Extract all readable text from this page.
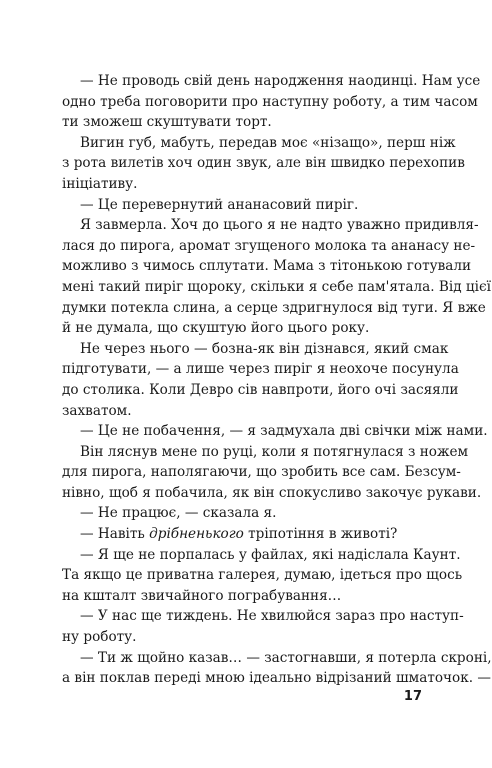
— Не проводь свій день народження наодинці. Нам усе
одно треба поговорити про наступну роботу, а тим часом
ти зможеш скуштувати торт.
Вигин губ, мабуть, передав моє «нізащо», перш ніж
з рота вилетів хоч один звук, але він швидко перехопив
ініціативу.
— Це перевернутий ананасовий пиріг.
Я завмерла. Хоч до цього я не надто уважно придивля-
лася до пирога, аромат згущеного молока та ананасу не-
можливо з чимось сплутати. Мама з тітонькою готували
мені такий пиріг щороку, скільки я себе пам'ятала. Від цієї
думки потекла слина, а серце здригнулося від туги. Я вже
й не думала, що скуштую його цього року.
Не через нього — бозна-як він дізнався, який смак
підготувати, — а лише через пиріг я неохоче посунула
до столика. Коли Деврo сів навпроти, його очі засяяли
захватом.
— Це не побачення, — я задмухала дві свічки між нами.
Він ляснув мене по руці, коли я потягнулася з ножем
для пирога, наполягаючи, що зробить все сам. Безсум-
нівно, щоб я побачила, як він спокусливо закочує рукави.
— Не працює, — сказала я.
— Навіть дрібненького тріпотіння в животі?
— Я ще не порпалась у файлах, які надіслала Каунт.
Та якщо це приватна галерея, думаю, ідеться про щось
на кшталт звичайного пограбування…
— У нас ще тиждень. Не хвилюйся зараз про наступ-
ну роботу.
— Ти ж щойно казав… — застогнавши, я потерла скроні,
а він поклав переді мною ідеально відрізаний шматочок. —
17
